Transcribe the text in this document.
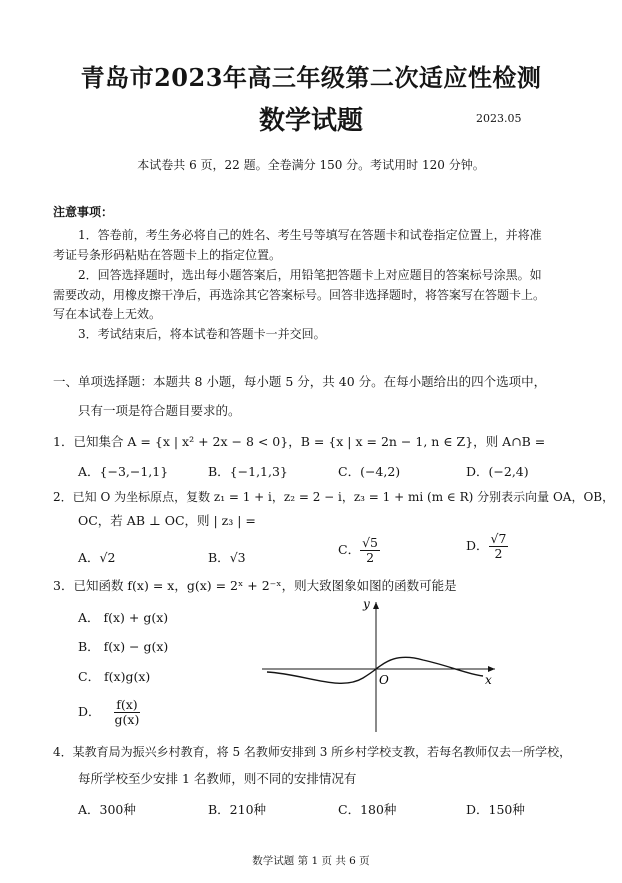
青岛市2023年高三年级第二次适应性检测
数学试题	2023.05
本试卷共 6 页，22 题。全卷满分 150 分。考试用时 120 分钟。
注意事项：
1．答卷前，考生务必将自己的姓名、考生号等填写在答题卡和试卷指定位置上，并将准
考证号条形码粘贴在答题卡上的指定位置。
2．回答选择题时，选出每小题答案后，用铅笔把答题卡上对应题目的答案标号涂黑。如
需要改动，用橡皮擦干净后，再选涂其它答案标号。回答非选择题时，将答案写在答题卡上。
写在本试卷上无效。
3．考试结束后，将本试卷和答题卡一并交回。
一、单项选择题：本题共 8 小题，每小题 5 分，共 40 分。在每小题给出的四个选项中，
只有一项是符合题目要求的。
1．已知集合 A = {x | x² + 2x − 8 < 0}，B = {x | x = 2n − 1, n ∈ Z}，则 A∩B =
A．{−3,−1,1}	B．{−1,1,3}	C．(−4,2)	D．(−2,4)
2．已知 O 为坐标原点，复数 z₁ = 1 + i，z₂ = 2 − i，z₃ = 1 + mi (m ∈ R) 分别表示向量 OA，OB，
OC，若 AB ⊥ OC，则 | z₃ | =
A．√2	B．√3
C． $\frac{√5}{2}$	D． $\frac{√7}{2}$
3．已知函数 f(x) = x，g(x) = 2ˣ + 2⁻ˣ，则大致图象如图的函数可能是
A． f(x) + g(x)
B． f(x) − g(x)
C． f(x)g(x)
D． $\frac{f(x)}{g(x)}$
y
x
O
4．某教育局为振兴乡村教育，将 5 名教师安排到 3 所乡村学校支教，若每名教师仅去一所学校，
每所学校至少安排 1 名教师，则不同的安排情况有
A．300种	B．210种	C．180种	D．150种
数学试题 第 1 页 共 6 页
